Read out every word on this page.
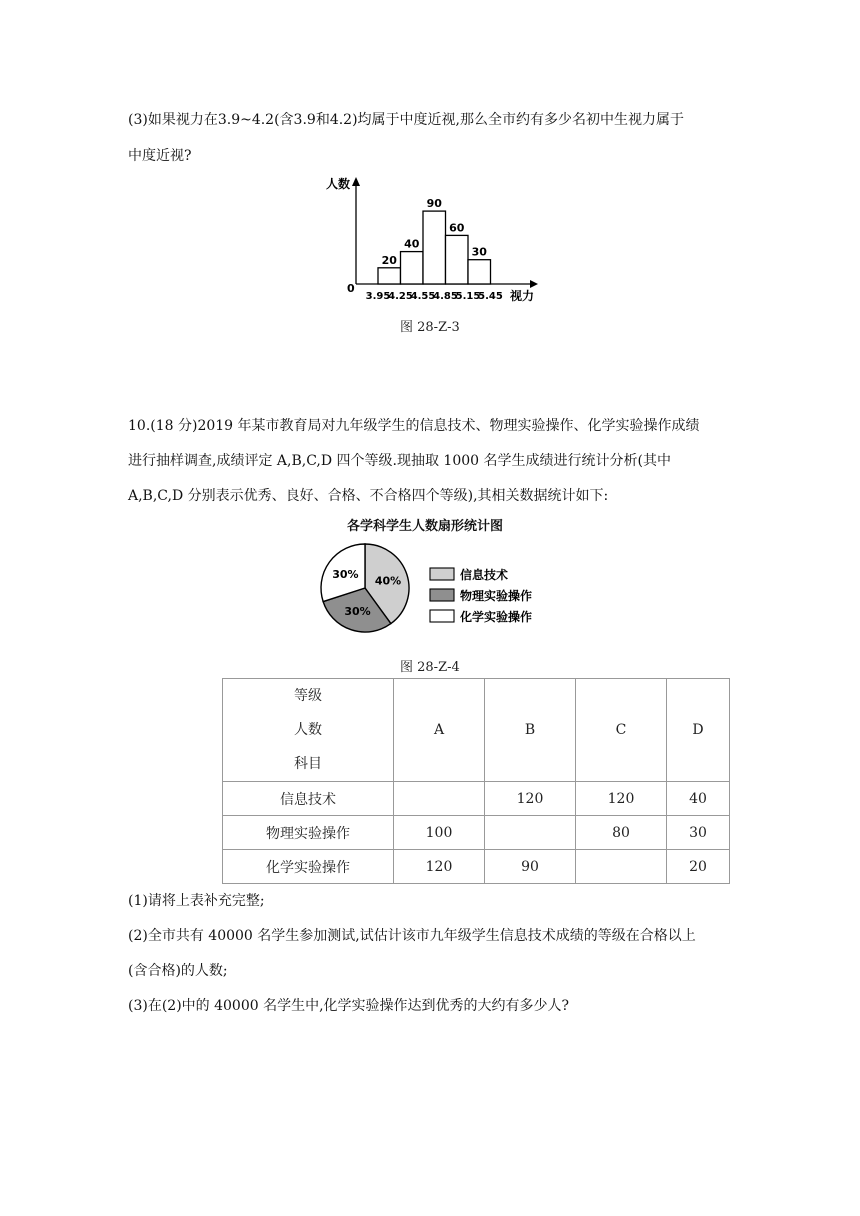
(3)如果视力在3.9~4.2(含3.9和4.2)均属于中度近视,那么全市约有多少名初中生视力属于
中度近视?
人数
视力
0
20
40
90
60
30
3.95
4.25
4.55
4.85
5.15
5.45
图 28-Z-3
10.(18 分)2019 年某市教育局对九年级学生的信息技术、物理实验操作、化学实验操作成绩
进行抽样调查,成绩评定 A,B,C,D 四个等级.现抽取 1000 名学生成绩进行统计分析(其中
A,B,C,D 分别表示优秀、良好、合格、不合格四个等级),其相关数据统计如下:
各学科学生人数扇形统计图
40%
30%
30%	信息技术
物理实验操作
化学实验操作
图 28-Z-4
等级
人数
科目	A	B	C	D
信息技术		120	120	40
物理实验操作	100		80	30
化学实验操作	120	90		20
(1)请将上表补充完整;
(2)全市共有 40000 名学生参加测试,试估计该市九年级学生信息技术成绩的等级在合格以上
(含合格)的人数;
(3)在(2)中的 40000 名学生中,化学实验操作达到优秀的大约有多少人?
